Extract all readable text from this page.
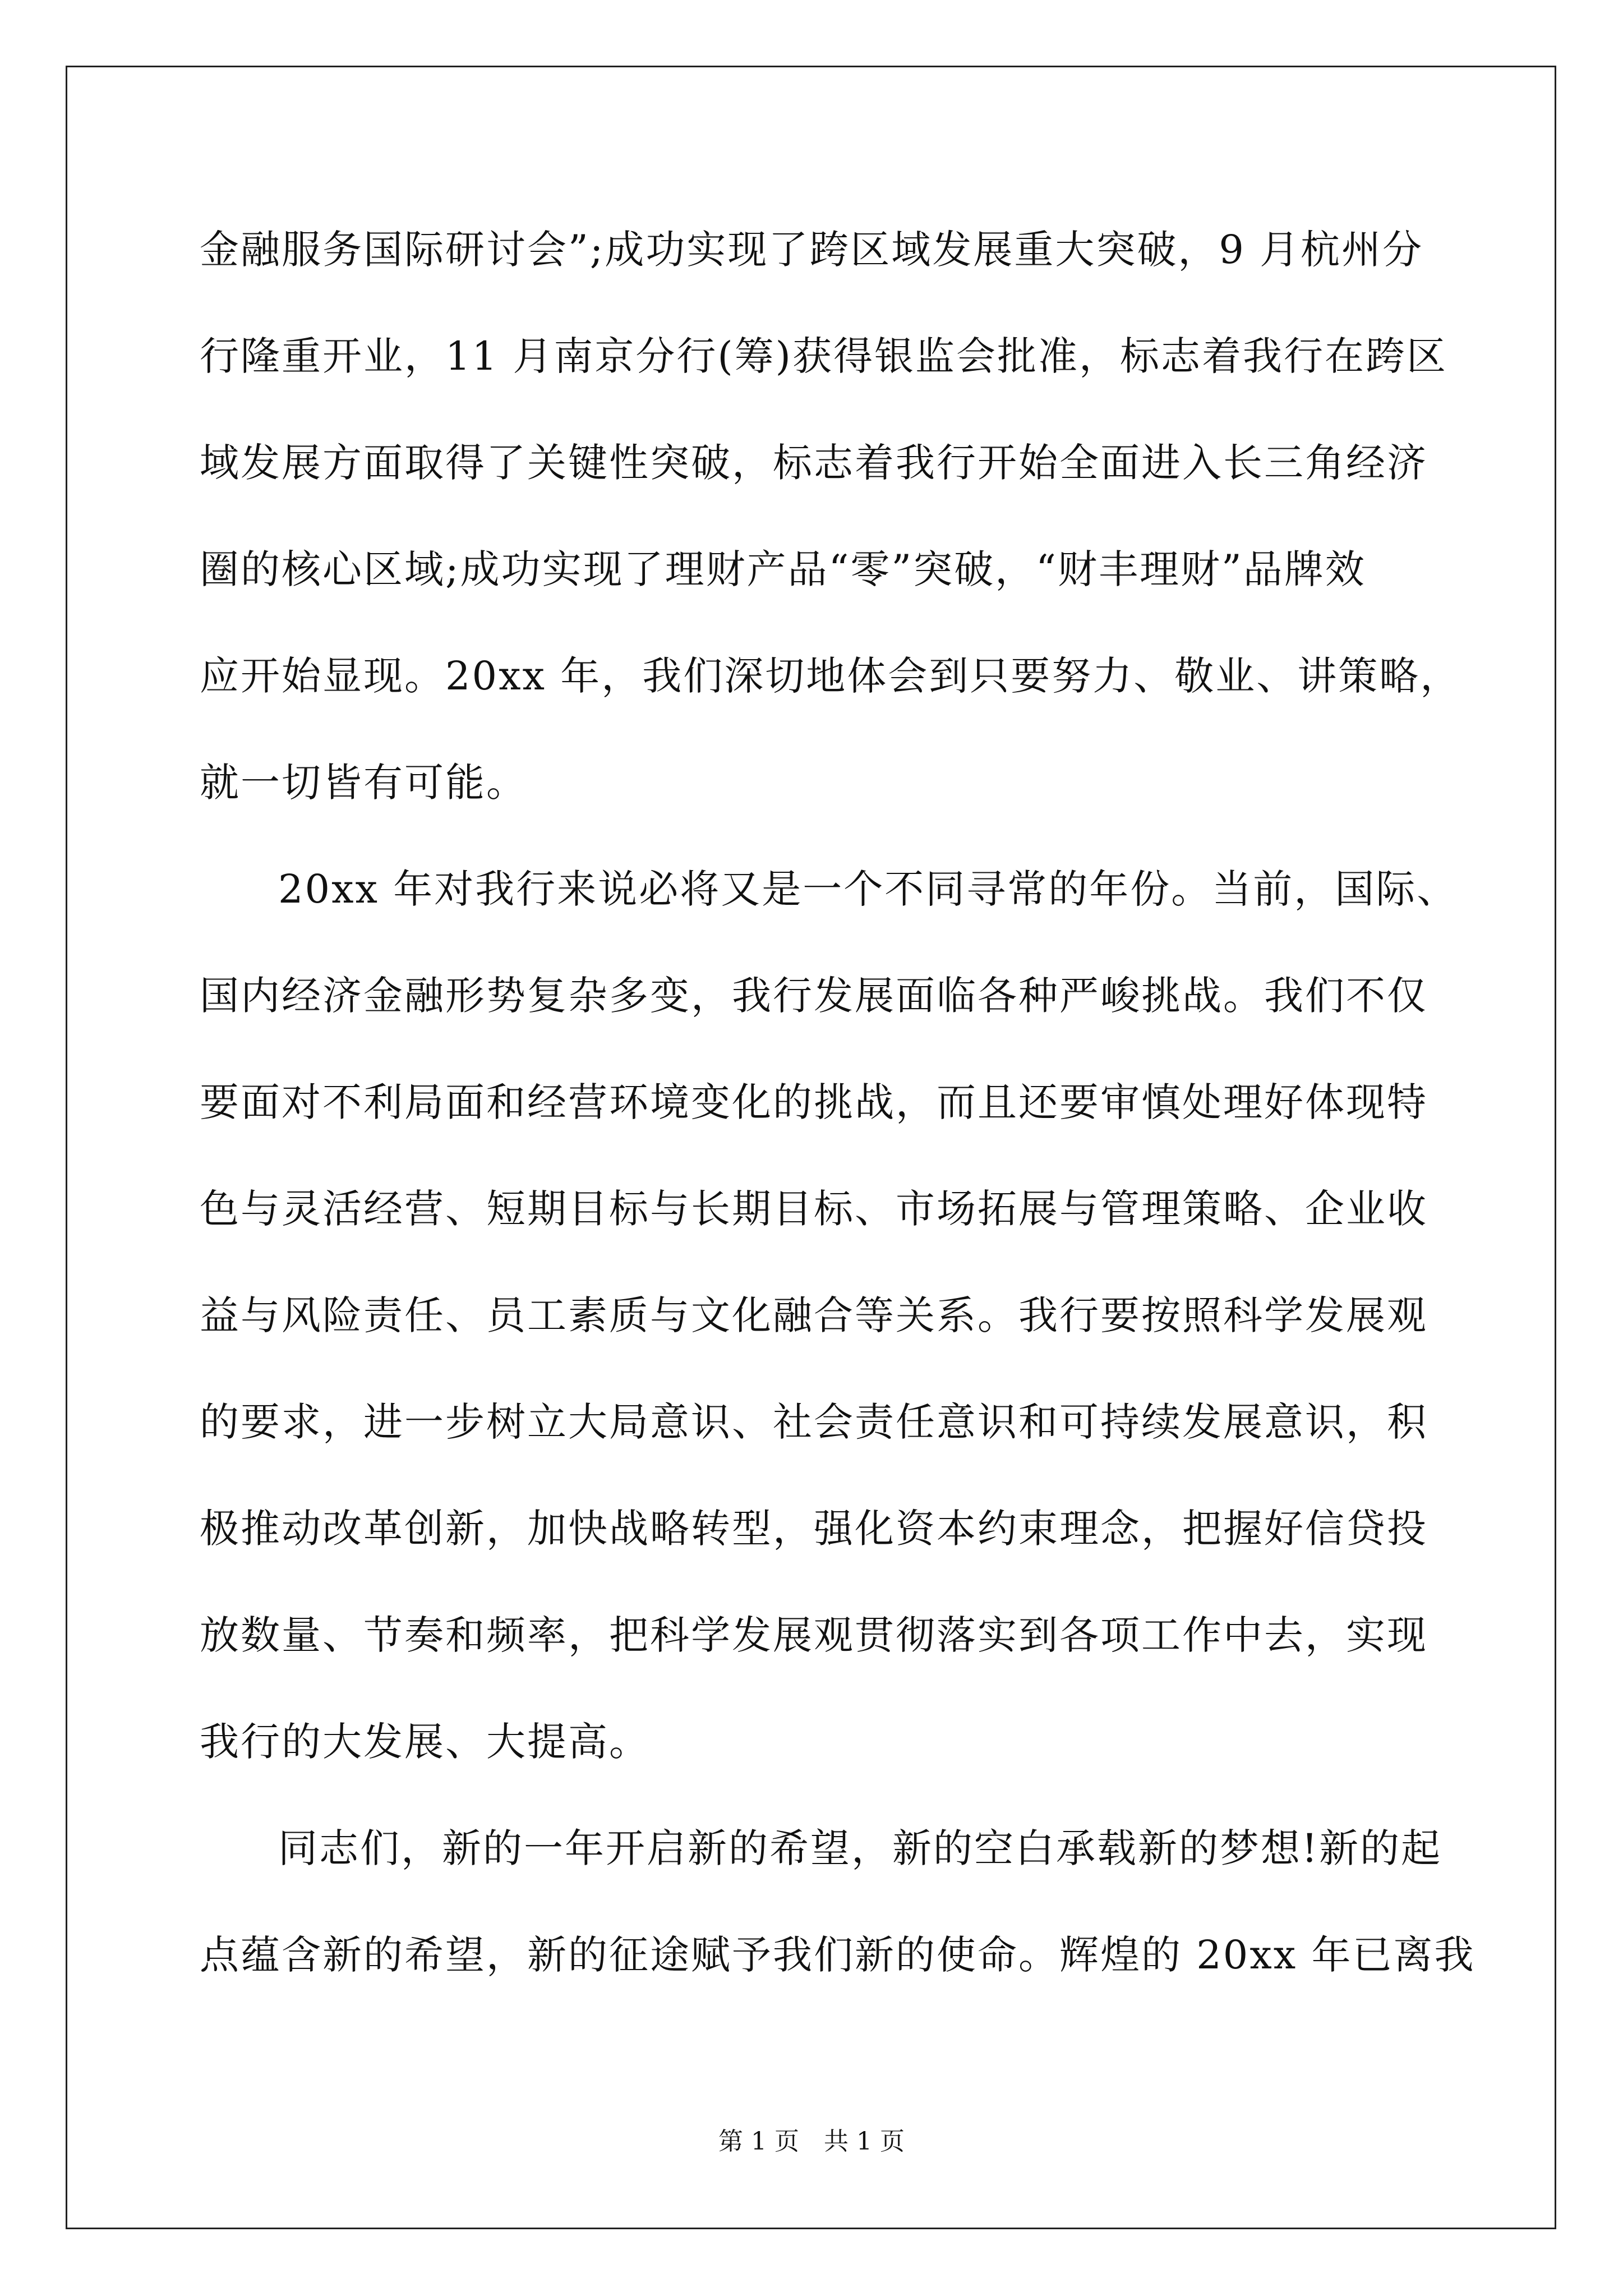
金融服务国际研讨会”;成功实现了跨区域发展重大突破，9 月杭州分
行隆重开业，11 月南京分行(筹)获得银监会批准，标志着我行在跨区
域发展方面取得了关键性突破，标志着我行开始全面进入长三角经济
圈的核心区域;成功实现了理财产品“零”突破，“财丰理财”品牌效
应开始显现。20xx 年，我们深切地体会到只要努力、敬业、讲策略，
就一切皆有可能。
20xx 年对我行来说必将又是一个不同寻常的年份。当前，国际、
国内经济金融形势复杂多变，我行发展面临各种严峻挑战。我们不仅
要面对不利局面和经营环境变化的挑战，而且还要审慎处理好体现特
色与灵活经营、短期目标与长期目标、市场拓展与管理策略、企业收
益与风险责任、员工素质与文化融合等关系。我行要按照科学发展观
的要求，进一步树立大局意识、社会责任意识和可持续发展意识，积
极推动改革创新，加快战略转型，强化资本约束理念，把握好信贷投
放数量、节奏和频率，把科学发展观贯彻落实到各项工作中去，实现
我行的大发展、大提高。
同志们，新的一年开启新的希望，新的空白承载新的梦想!新的起
点蕴含新的希望，新的征途赋予我们新的使命。辉煌的 20xx 年已离我
第 1 页　共 1 页
